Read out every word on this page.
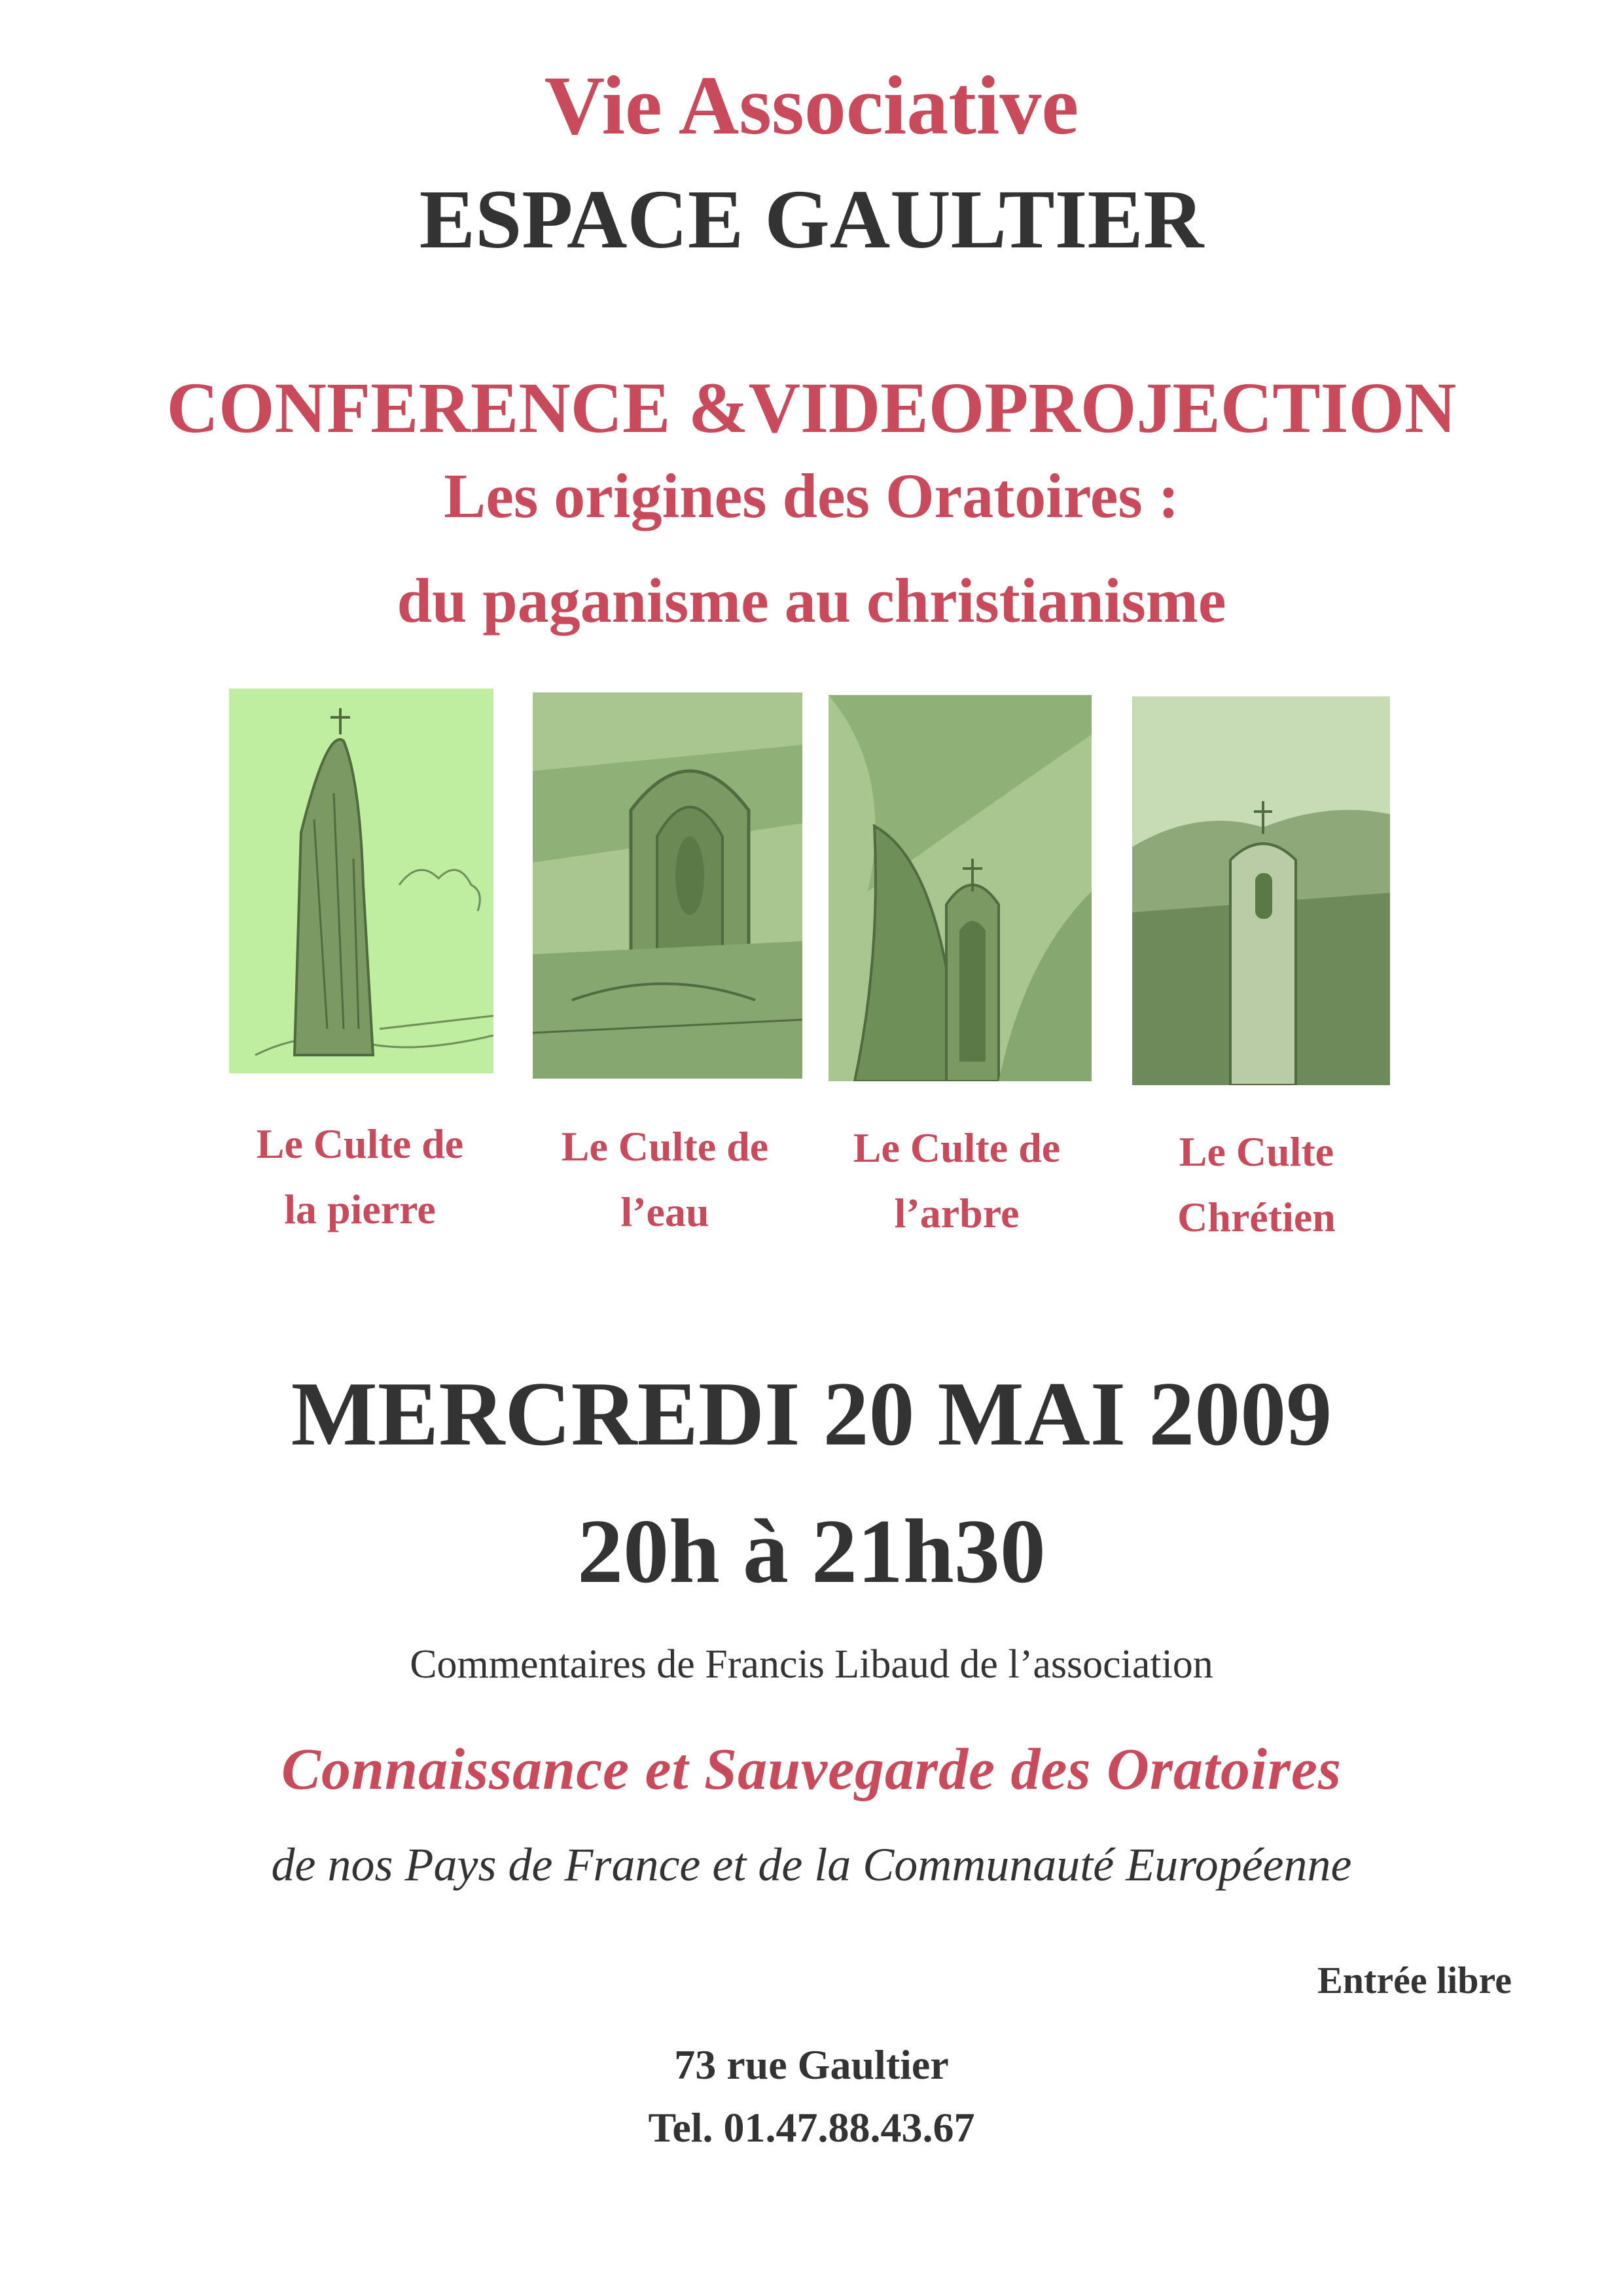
Vie Associative
ESPACE GAULTIER
CONFERENCE &VIDEOPROJECTION
Les origines des Oratoires :
du paganisme au christianisme
Le Culte de
la pierre
Le Culte de
l’eau
Le Culte de
l’arbre
Le Culte
Chrétien
MERCREDI 20 MAI 2009
20h à 21h30
Commentaires de Francis Libaud de l’association
Connaissance et Sauvegarde des Oratoires
de nos Pays de France et de la Communauté Européenne
Entrée libre
73 rue Gaultier
Tel. 01.47.88.43.67
